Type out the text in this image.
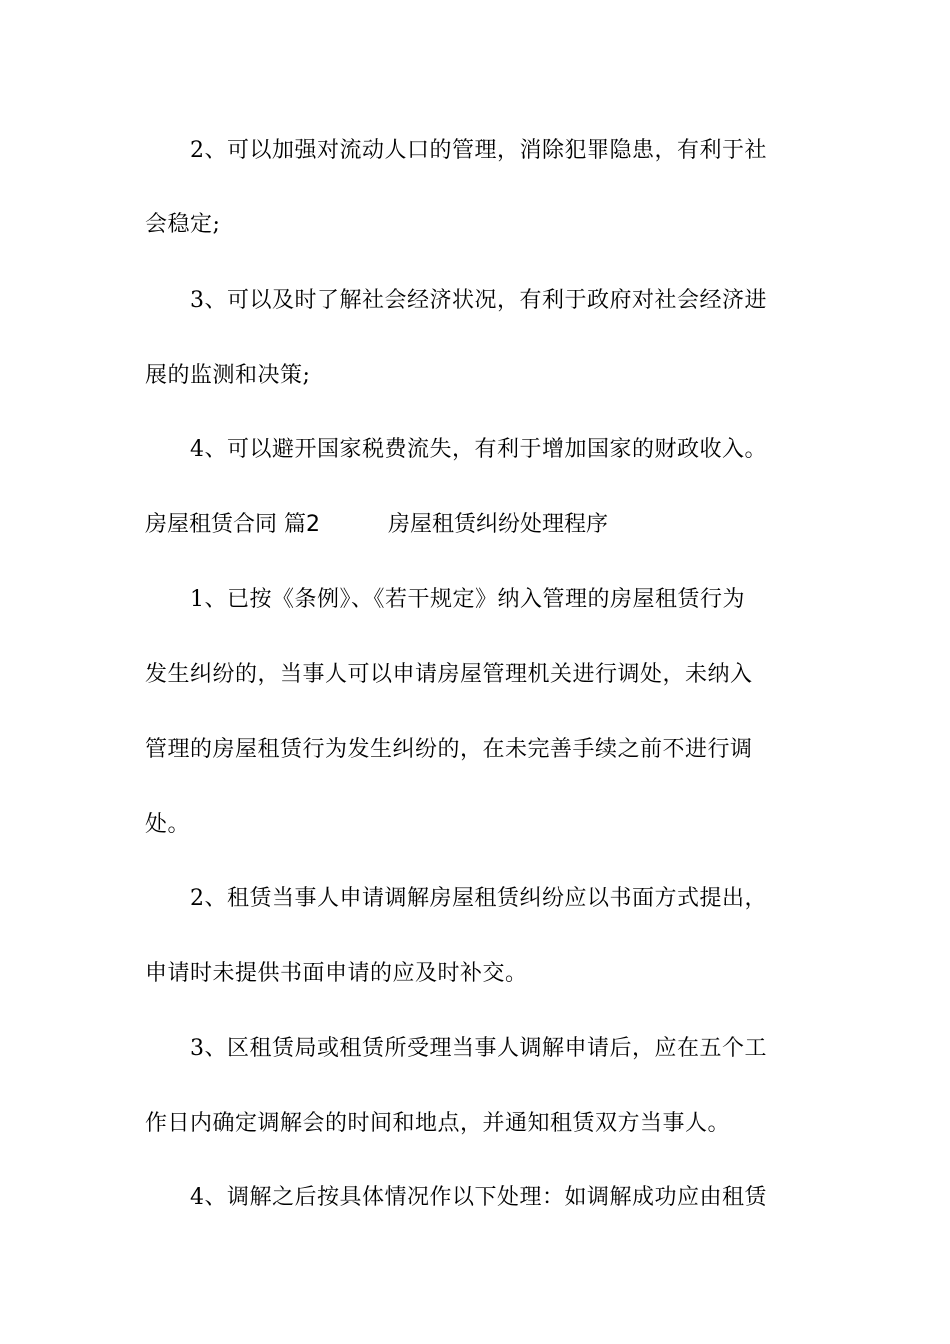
2、可以加强对流动人口的管理，消除犯罪隐患，有利于社
会稳定;
3、可以及时了解社会经济状况，有利于政府对社会经济进
展的监测和决策;
4、可以避开国家税费流失，有利于增加国家的财政收入。
房屋租赁合同 篇2	房屋租赁纠纷处理程序
1、已按《条例》、《若干规定》纳入管理的房屋租赁行为
发生纠纷的，当事人可以申请房屋管理机关进行调处，未纳入
管理的房屋租赁行为发生纠纷的，在未完善手续之前不进行调
处。
2、租赁当事人申请调解房屋租赁纠纷应以书面方式提出，
申请时未提供书面申请的应及时补交。
3、区租赁局或租赁所受理当事人调解申请后，应在五个工
作日内确定调解会的时间和地点，并通知租赁双方当事人。
4、调解之后按具体情况作以下处理：如调解成功应由租赁
